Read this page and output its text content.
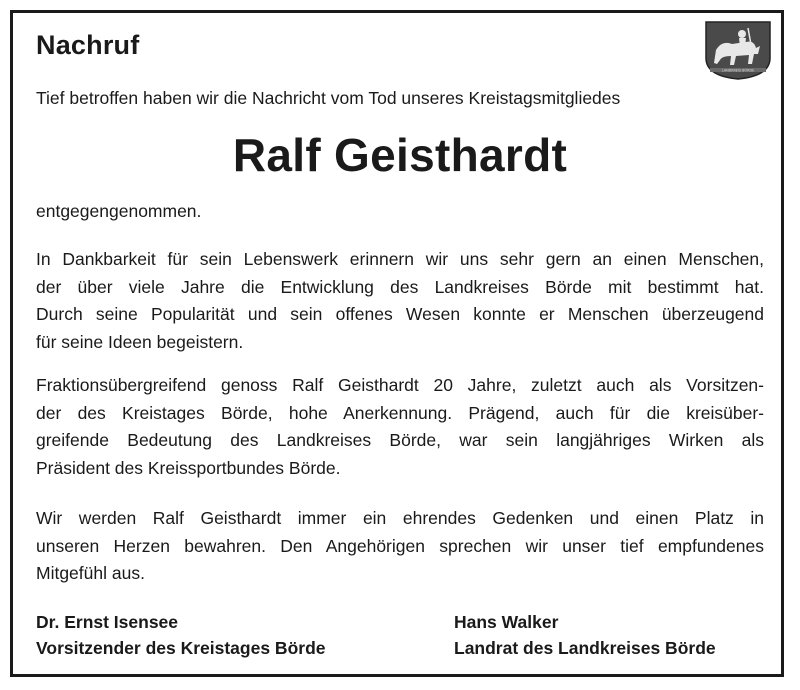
Nachruf
LANDKREIS BÖRDE
Tief betroffen haben wir die Nachricht vom Tod unseres Kreistagsmitgliedes
Ralf Geisthardt
entgegengenommen.
In Dankbarkeit für sein Lebenswerk erinnern wir uns sehr gern an einen Menschen,
der über viele Jahre die Entwicklung des Landkreises Börde mit bestimmt hat.
Durch seine Popularität und sein offenes Wesen konnte er Menschen überzeugend
für seine Ideen begeistern.
Fraktionsübergreifend genoss Ralf Geisthardt 20 Jahre, zuletzt auch als Vorsitzen-
der des Kreistages Börde, hohe Anerkennung. Prägend, auch für die kreisüber-
greifende Bedeutung des Landkreises Börde, war sein langjähriges Wirken als
Präsident des Kreissportbundes Börde.
Wir werden Ralf Geisthardt immer ein ehrendes Gedenken und einen Platz in
unseren Herzen bewahren. Den Angehörigen sprechen wir unser tief empfundenes
Mitgefühl aus.
Dr. Ernst Isensee
Vorsitzender des Kreistages Börde
Hans Walker
Landrat des Landkreises Börde
